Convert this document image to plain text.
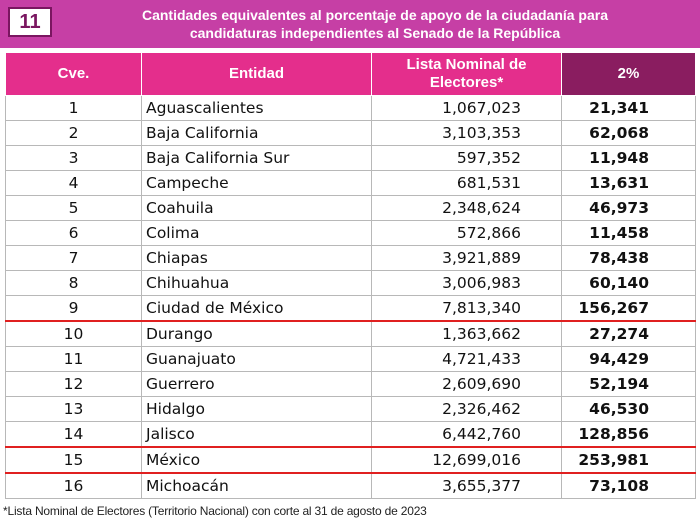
11	Cantidades equivalentes al porcentaje de apoyo de la ciudadanía para
candidaturas independientes al Senado de la República
Cve.	Entidad	Lista Nominal de
Electores*	2%
1	Aguascalientes	1,067,023	21,341
2	Baja California	3,103,353	62,068
3	Baja California Sur	597,352	11,948
4	Campeche	681,531	13,631
5	Coahuila	2,348,624	46,973
6	Colima	572,866	11,458
7	Chiapas	3,921,889	78,438
8	Chihuahua	3,006,983	60,140
9	Ciudad de México	7,813,340	156,267
10	Durango	1,363,662	27,274
11	Guanajuato	4,721,433	94,429
12	Guerrero	2,609,690	52,194
13	Hidalgo	2,326,462	46,530
14	Jalisco	6,442,760	128,856
15	México	12,699,016	253,981
16	Michoacán	3,655,377	73,108
*Lista Nominal de Electores (Territorio Nacional) con corte al 31 de agosto de 2023
